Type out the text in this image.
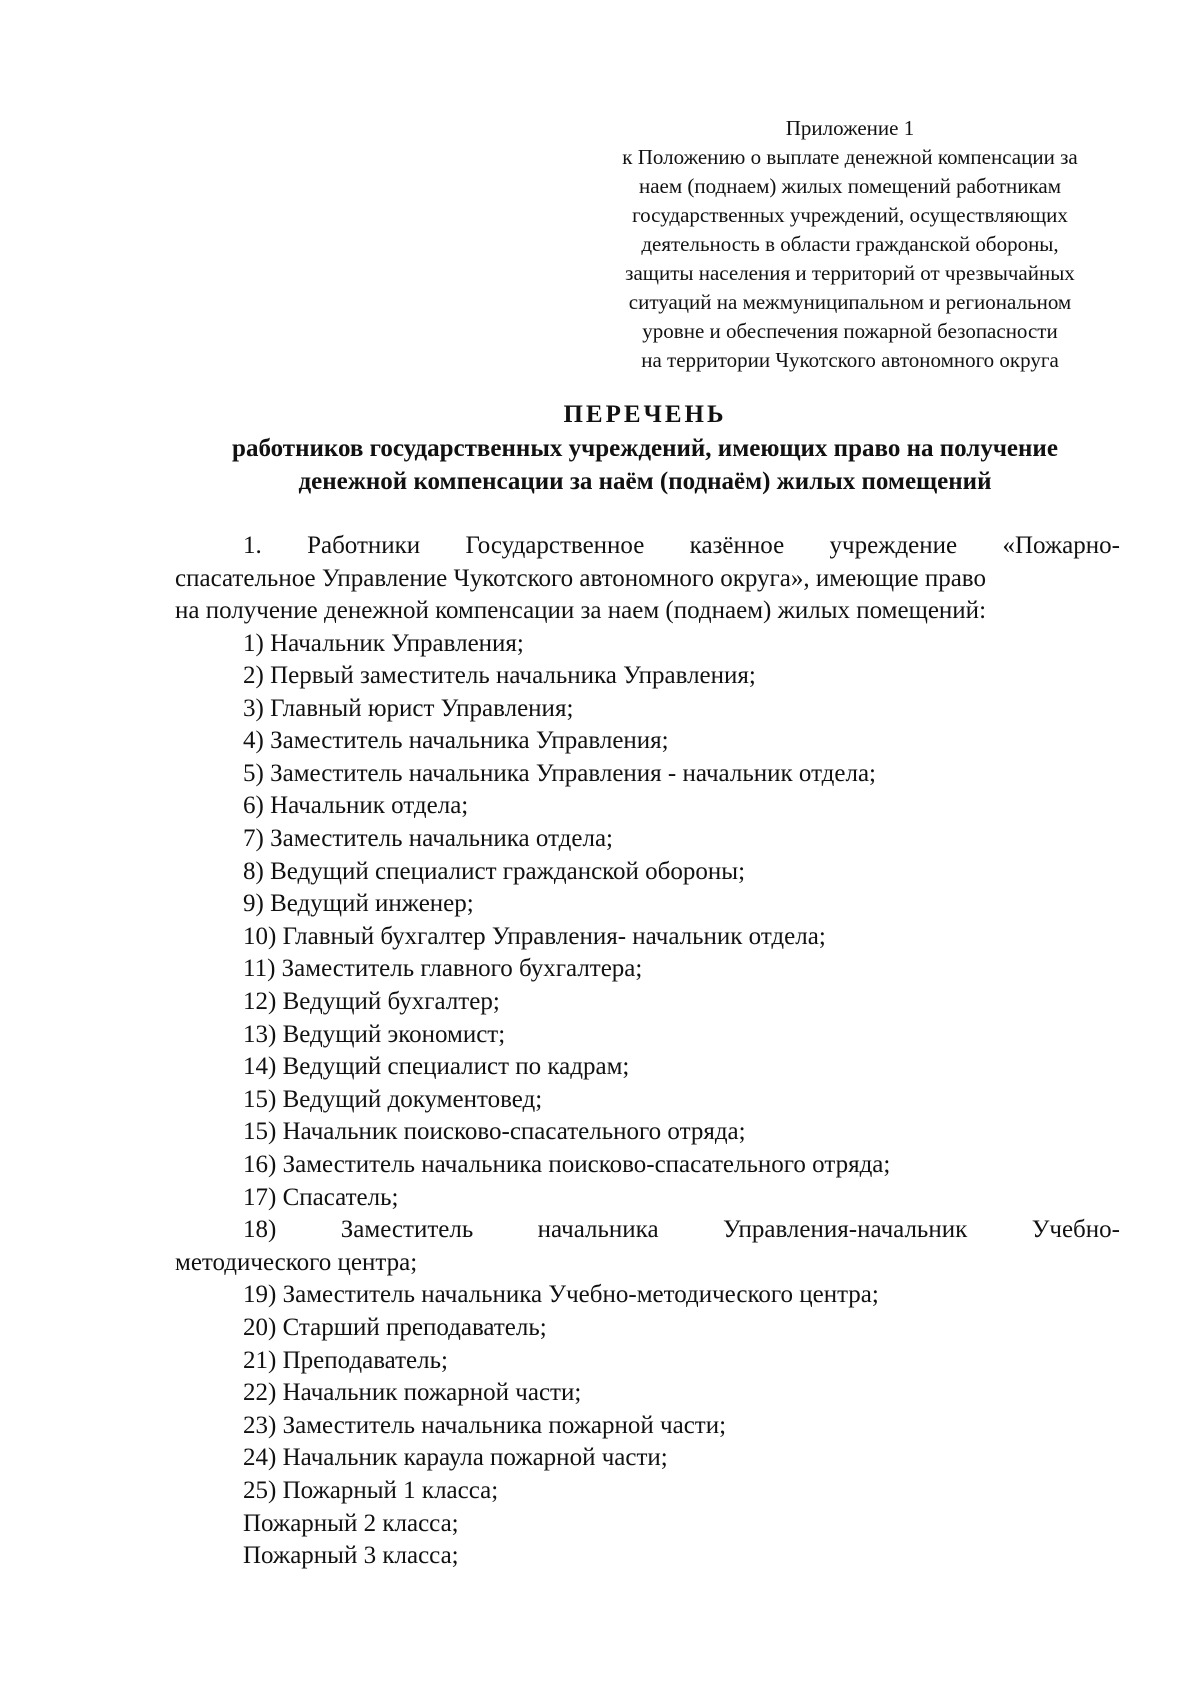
Приложение 1
к Положению о выплате денежной компенсации за
наем (поднаем) жилых помещений работникам
государственных учреждений, осуществляющих
деятельность в области гражданской обороны,
защиты населения и территорий от чрезвычайных
ситуаций на межмуниципальном и региональном
уровне и обеспечения пожарной безопасности
на территории Чукотского автономного округа
ПЕРЕЧЕНЬ
работников государственных учреждений, имеющих право на получение
денежной компенсации за наём (поднаём) жилых помещений
1. Работники Государственное казённое учреждение «Пожарно-
спасательное Управление Чукотского автономного округа», имеющие право
на получение денежной компенсации за наем (поднаем) жилых помещений:
1) Начальник Управления;
2) Первый заместитель начальника Управления;
3) Главный юрист Управления;
4) Заместитель начальника Управления;
5) Заместитель начальника Управления - начальник отдела;
6) Начальник отдела;
7) Заместитель начальника отдела;
8) Ведущий специалист гражданской обороны;
9) Ведущий инженер;
10) Главный бухгалтер Управления- начальник отдела;
11) Заместитель главного бухгалтера;
12) Ведущий бухгалтер;
13) Ведущий экономист;
14) Ведущий специалист по кадрам;
15) Ведущий документовед;
15) Начальник поисково-спасательного отряда;
16) Заместитель начальника поисково-спасательного отряда;
17) Спасатель;
18)	Заместитель	начальника	Управления-начальник	Учебно-
методического центра;
19) Заместитель начальника Учебно-методического центра;
20) Старший преподаватель;
21) Преподаватель;
22) Начальник пожарной части;
23) Заместитель начальника пожарной части;
24) Начальник караула пожарной части;
25) Пожарный 1 класса;
Пожарный 2 класса;
Пожарный 3 класса;
